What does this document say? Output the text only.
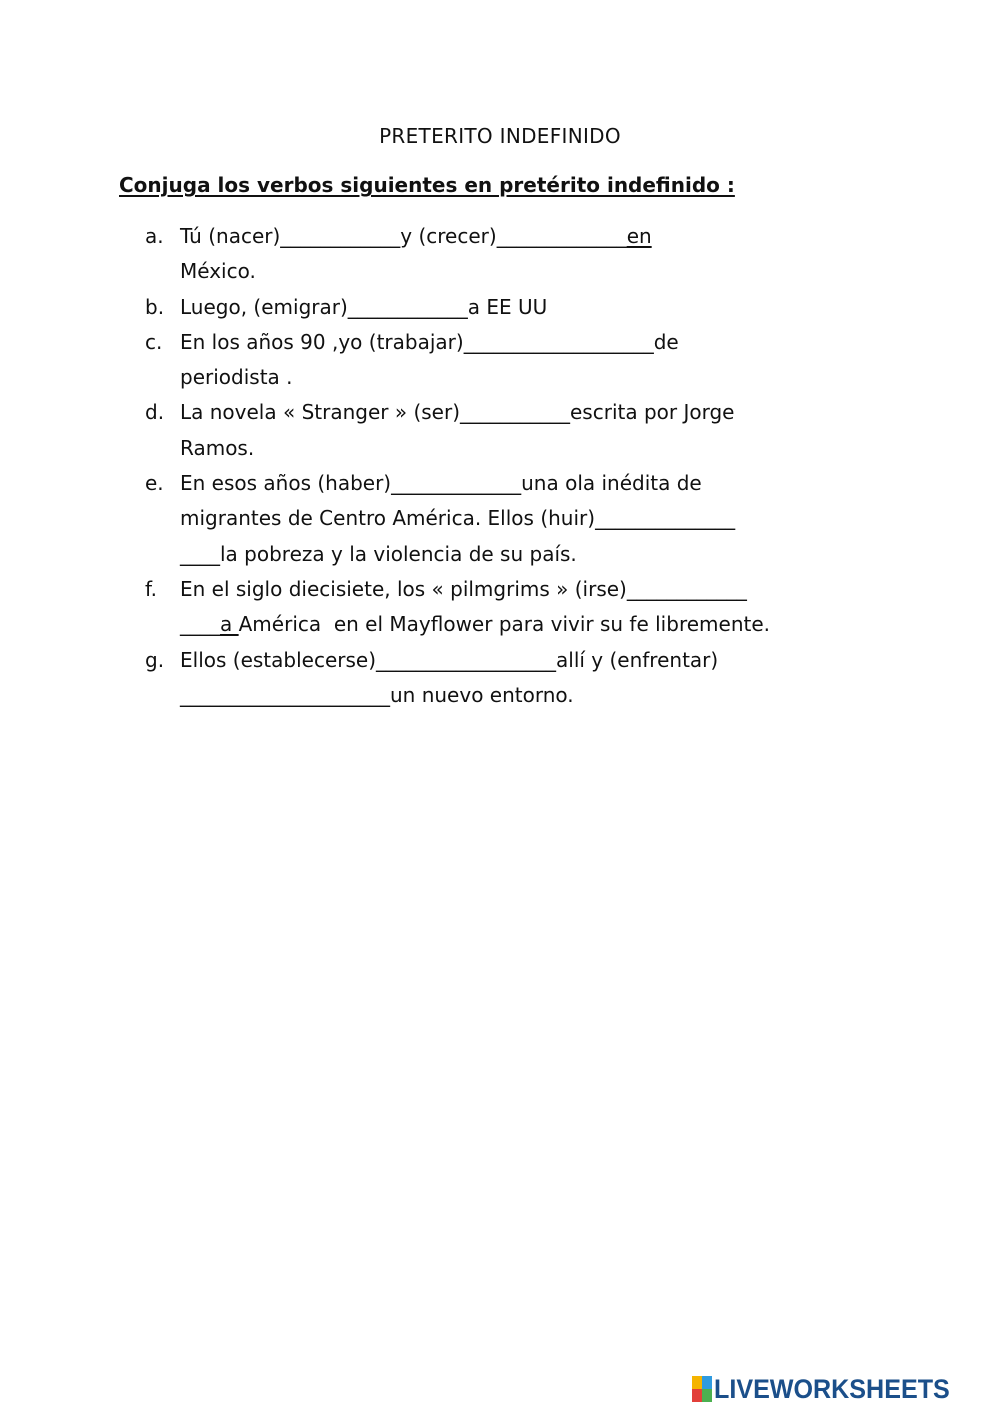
PRETERITO INDEFINIDO
Conjuga los verbos siguientes en pretérito indefinido :
a. Tú (nacer)____________y (crecer)_____________en
México.
b. Luego, (emigrar)____________a EE UU
c. En los años 90 ,yo (trabajar)___________________de
periodista .
d. La novela « Stranger » (ser)___________escrita por Jorge
Ramos.
e. En esos años (haber)_____________una ola inédita de
migrantes de Centro América. Ellos (huir)______________
____la pobreza y la violencia de su país.
f.	En el siglo diecisiete, los « pilmgrims » (irse)____________
____a América  en el Mayflower para vivir su fe libremente.
g. Ellos (establecerse)__________________allí y (enfrentar)
_____________________un nuevo entorno.
LIVEWORKSHEETS
